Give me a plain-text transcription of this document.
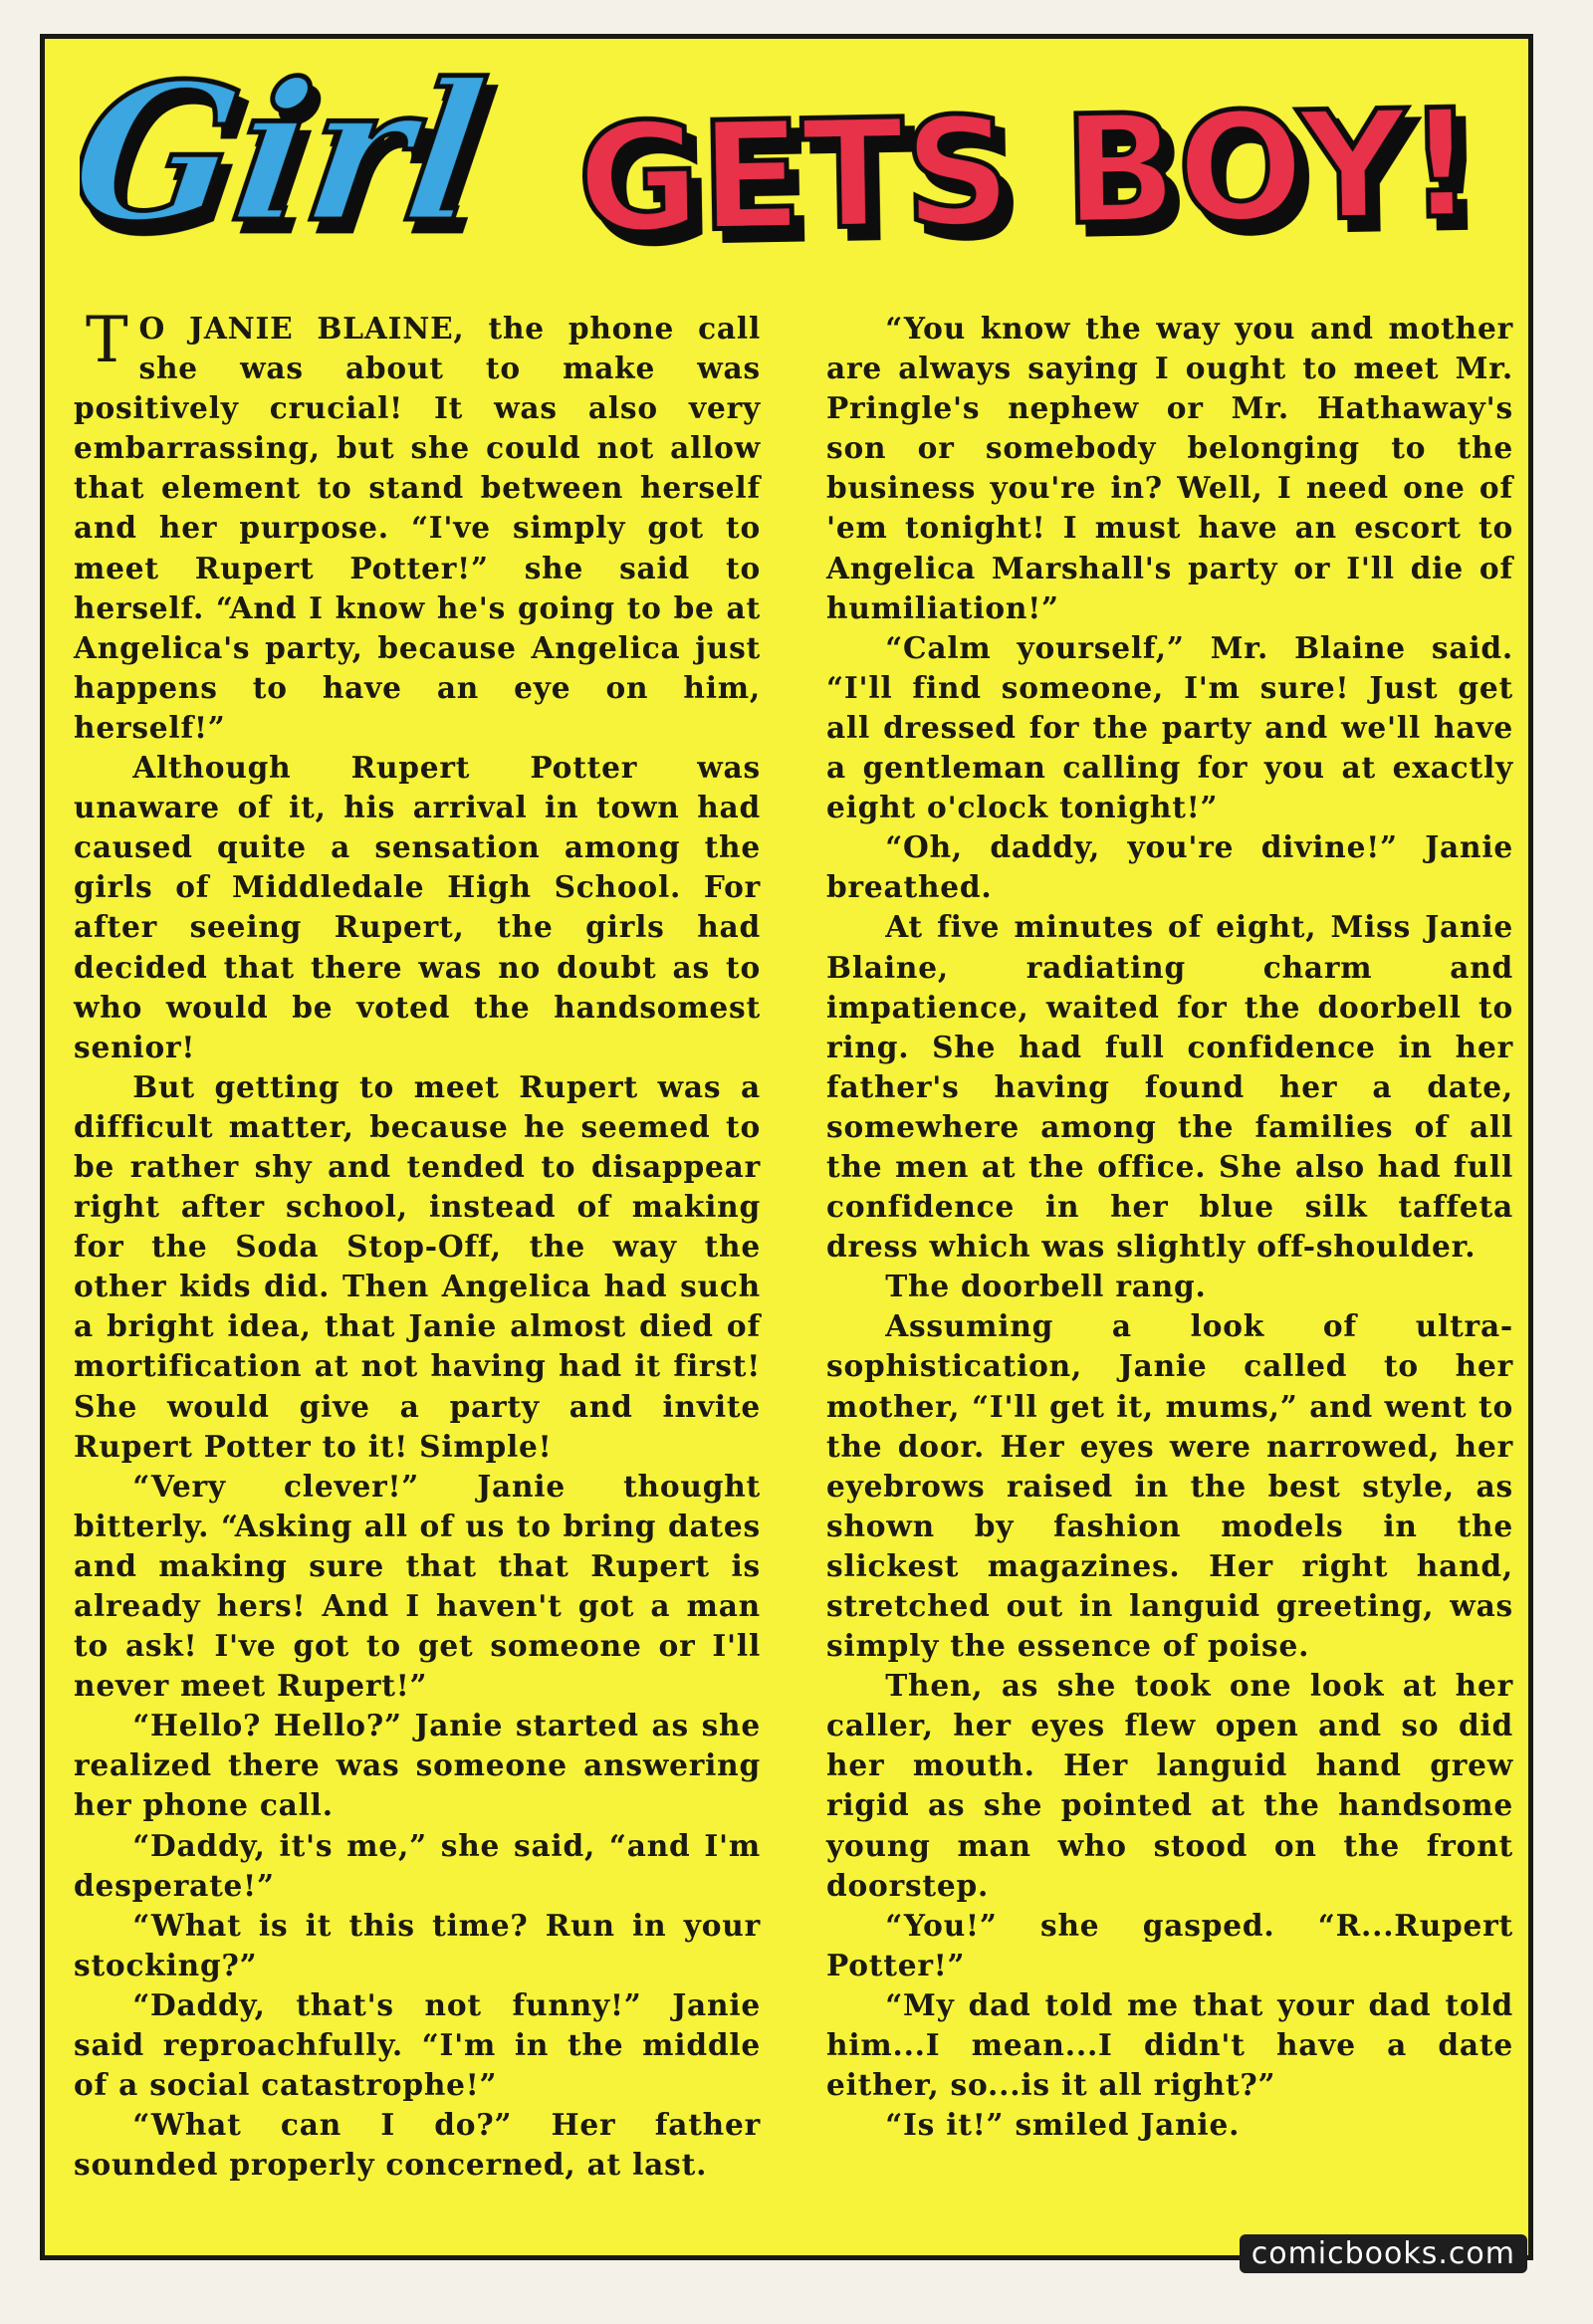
Girl GETS BOY!

TO JANIE BLAINE, the phone call she was about to make was positively crucial! It was also very embarrassing, but she could not allow that element to stand between herself and her purpose. “I've simply got to meet Rupert Potter!” she said to herself. “And I know he's going to be at Angelica's party, because Angelica just happens to have an eye on him, herself!”

Although Rupert Potter was unaware of it, his arrival in town had caused quite a sensation among the girls of Middledale High School. For after seeing Rupert, the girls had decided that there was no doubt as to who would be voted the handsomest senior!

But getting to meet Rupert was a difficult matter, because he seemed to be rather shy and tended to disappear right after school, instead of making for the Soda Stop-Off, the way the other kids did. Then Angelica had such a bright idea, that Janie almost died of mortification at not having had it first! She would give a party and invite Rupert Potter to it! Simple!

“Very clever!” Janie thought bitterly. “Asking all of us to bring dates and making sure that that Rupert is already hers! And I haven't got a man to ask! I've got to get someone or I'll never meet Rupert!”

“Hello? Hello?” Janie started as she realized there was someone answering her phone call.

“Daddy, it's me,” she said, “and I'm desperate!”

“What is it this time? Run in your stocking?”

“Daddy, that's not funny!” Janie said reproachfully. “I'm in the middle of a social catastrophe!”

“What can I do?” Her father sounded properly concerned, at last.

“You know the way you and mother are always saying I ought to meet Mr. Pringle's nephew or Mr. Hathaway's son or somebody belonging to the business you're in? Well, I need one of 'em tonight! I must have an escort to Angelica Marshall's party or I'll die of humiliation!”

“Calm yourself,” Mr. Blaine said. “I'll find someone, I'm sure! Just get all dressed for the party and we'll have a gentleman calling for you at exactly eight o'clock tonight!”

“Oh, daddy, you're divine!” Janie breathed.

At five minutes of eight, Miss Janie Blaine, radiating charm and impatience, waited for the doorbell to ring. She had full confidence in her father's having found her a date, somewhere among the families of all the men at the office. She also had full confidence in her blue silk taffeta dress which was slightly off-shoulder.

The doorbell rang.

Assuming a look of ultra-sophistication, Janie called to her mother, “I'll get it, mums,” and went to the door. Her eyes were narrowed, her eyebrows raised in the best style, as shown by fashion models in the slickest magazines. Her right hand, stretched out in languid greeting, was simply the essence of poise.

Then, as she took one look at her caller, her eyes flew open and so did her mouth. Her languid hand grew rigid as she pointed at the handsome young man who stood on the front doorstep.

“You!” she gasped. “R...Rupert Potter!”

“My dad told me that your dad told him...I mean...I didn't have a date either, so...is it all right?”

“Is it!” smiled Janie.

comicbooks.com
